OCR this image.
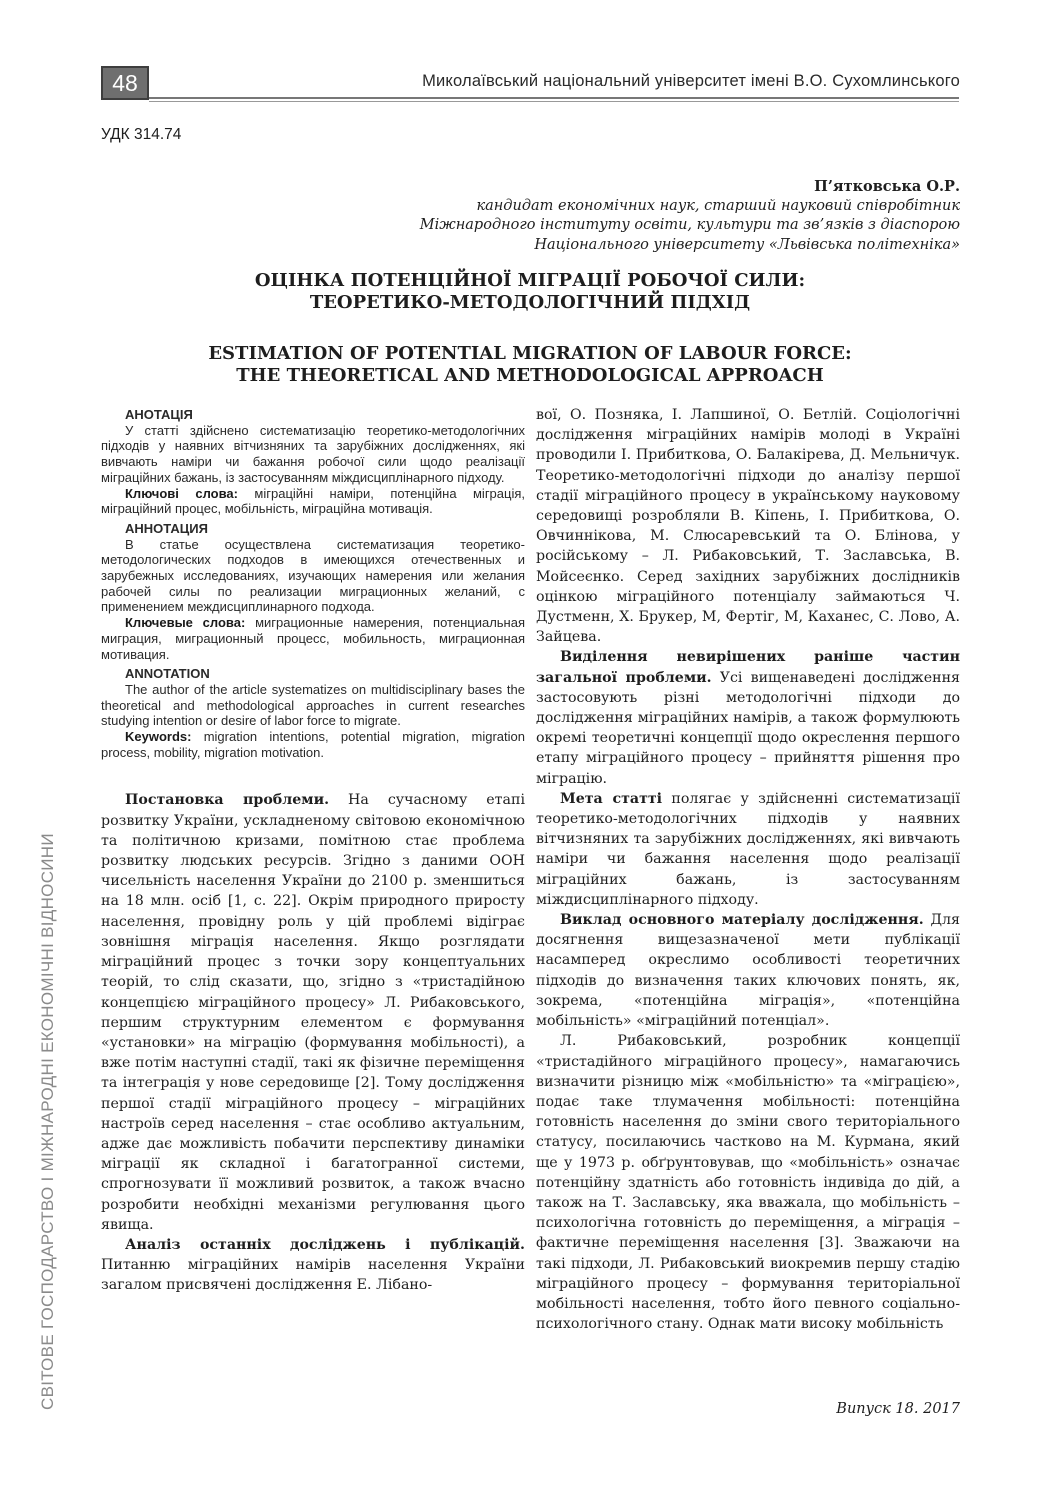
48	Миколаївський національний університет імені В.О. Сухомлинського
УДК 314.74
П’ятковська О.Р.
кандидат економічних наук, старший науковий співробітник
Міжнародного інституту освіти, культури та зв’язків з діаспорою
Національного університету «Львівська політехніка»
ОЦІНКА ПОТЕНЦІЙНОЇ МІГРАЦІЇ РОБОЧОЇ СИЛИ:
ТЕОРЕТИКО-МЕТОДОЛОГІЧНИЙ ПІДХІД
ESTIMATION OF POTENTIAL MIGRATION OF LABOUR FORCE:
THE THEORETICAL AND METHODOLOGICAL APPROACH
АНОТАЦІЯ

У статті здійснено систематизацію теоретико-методологічних підходів у наявних вітчизняних та зарубіжних дослідженнях, які вивчають наміри чи бажання робочої сили щодо реалізації міграційних бажань, із застосуванням міждисциплінарного підходу.

Ключові слова: міграційні наміри, потенційна міграція, міграційний процес, мобільність, міграційна мотивація.

АННОТАЦИЯ

В статье осуществлена систематизация теоретико-методологических подходов в имеющихся отечественных и зарубежных исследованиях, изучающих намерения или желания рабочей силы по реализации миграционных желаний, с применением междисциплинарного подхода.

Ключевые слова: миграционные намерения, потенциальная миграция, миграционный процесс, мобильность, миграционная мотивация.

ANNOTATION

The author of the article systematizes on multidisciplinary bases the theoretical and methodological approaches in current researches studying intention or desire of labor force to migrate.

Keywords: migration intentions, potential migration, migration process, mobility, migration motivation.

Постановка проблеми. На сучасному етапі розвитку України, ускладненому світовою економічною та політичною кризами, помітною стає проблема розвитку людських ресурсів. Згідно з даними ООН чисельність населення України до 2100 р. зменшиться на 18 млн. осіб [1, с. 22]. Окрім природного приросту населення, провідну роль у цій проблемі відіграє зовнішня міграція населення. Якщо розглядати міграційний процес з точки зору концептуальних теорій, то слід сказати, що, згідно з «тристадійною концепцією міграційного процесу» Л. Рибаковського, першим структурним елементом є формування «установки» на міграцію (формування мобільності), а вже потім наступні стадії, такі як фізичне переміщення та інтеграція у нове середовище [2]. Тому дослідження першої стадії міграційного процесу – міграційних настроїв серед населення – стає особливо актуальним, адже дає можливість побачити перспективу динаміки міграції як складної і багатогранної системи, спрогнозувати її можливий розвиток, а також вчасно розробити необхідні механізми регулювання цього явища.

Аналіз останніх досліджень і публікацій. Питанню міграційних намірів населення України загалом присвячені дослідження Е. Лібано-

вої, О. Позняка, І. Лапшиної, О. Бетлій. Соціологічні дослідження міграційних намірів молоді в Україні проводили І. Прибиткова, О. Балакірева, Д. Мельничук. Теоретико-методологічні підходи до аналізу першої стадії міграційного процесу в українському науковому середовищі розробляли В. Кіпень, І. Прибиткова, О. Овчиннікова, М. Слюсаревський та О. Блінова, у російському – Л. Рибаковський, Т. Заславська, В. Мойсеєнко. Серед західних зарубіжних дослідників оцінкою міграційного потенціалу займаються Ч. Дустменн, Х. Брукер, М, Фертіг, М, Каханес, С. Лово, А. Зайцева.

Виділення невирішених раніше частин загальної проблеми. Усі вищенаведені дослідження застосовують різні методологічні підходи до дослідження міграційних намірів, а також формулюють окремі теоретичні концепції щодо окреслення першого етапу міграційного процесу – прийняття рішення про міграцію.

Мета статті полягає у здійсненні систематизації теоретико-методологічних підходів у наявних вітчизняних та зарубіжних дослідженнях, які вивчають наміри чи бажання населення щодо реалізації міграційних бажань, із застосуванням міждисциплінарного підходу.

Виклад основного матеріалу дослідження. Для досягнення вищезазначеної мети публікації насамперед окреслимо особливості теоретичних підходів до визначення таких ключових понять, як, зокрема, «потенційна міграція», «потенційна мобільність» «міграційний потенціал».

Л. Рибаковський, розробник концепції «тристадійного міграційного процесу», намагаючись визначити різницю між «мобільністю» та «міграцією», подає таке тлумачення мобільності: потенційна готовність населення до зміни свого територіального статусу, посилаючись частково на М. Курмана, який ще у 1973 р. обґрунтовував, що «мобільність» означає потенційну здатність або готовність індивіда до дій, а також на Т. Заславську, яка вважала, що мобільність – психологічна готовність до переміщення, а міграція – фактичне переміщення населення [3]. Зважаючи на такі підходи, Л. Рибаковський виокремив першу стадію міграційного процесу – формування територіальної мобільності населення, тобто його певного соціально-психологічного стану. Однак мати високу мобільність

СВІТОВЕ ГОСПОДАРСТВО І МІЖНАРОДНІ ЕКОНОМІЧНІ ВІДНОСИНИ	Випуск 18. 2017
